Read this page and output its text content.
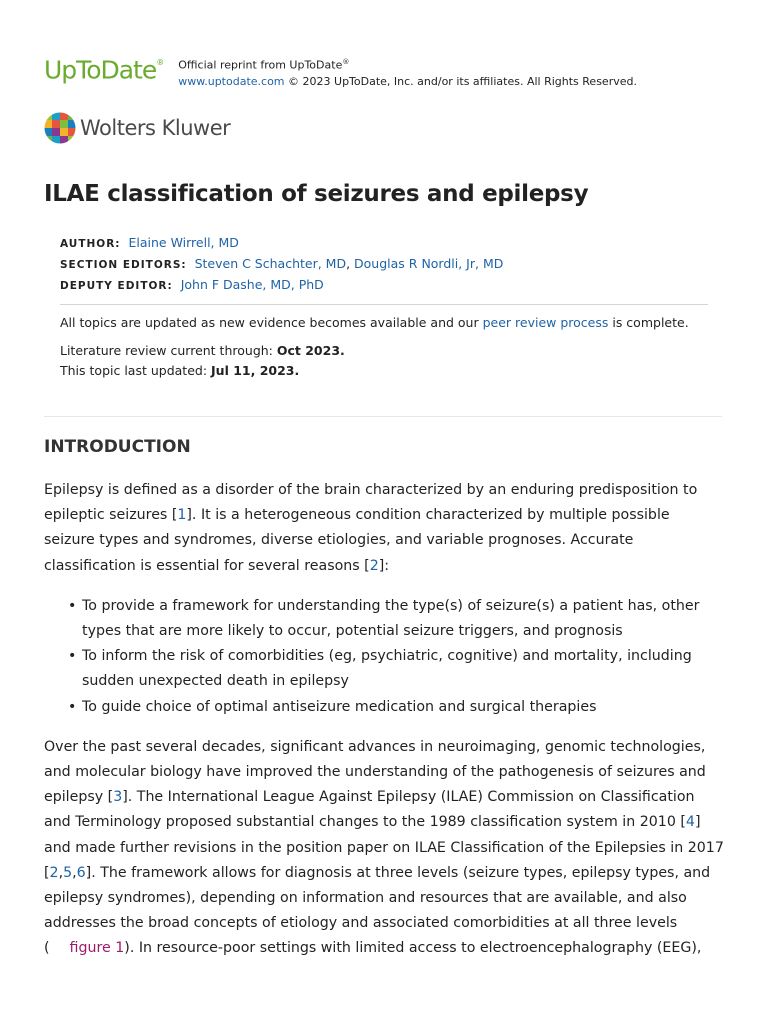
UpToDate® Official reprint from UpToDate®
www.uptodate.com © 2023 UpToDate, Inc. and/or its affiliates. All Rights Reserved.
Wolters Kluwer
ILAE classification of seizures and epilepsy
AUTHOR: Elaine Wirrell, MD
SECTION EDITORS: Steven C Schachter, MD, Douglas R Nordli, Jr, MD
DEPUTY EDITOR: John F Dashe, MD, PhD

All topics are updated as new evidence becomes available and our peer review process is complete.

Literature review current through: Oct 2023.

This topic last updated: Jul 11, 2023.

INTRODUCTION

Epilepsy is defined as a disorder of the brain characterized by an enduring predisposition to epileptic seizures [1]. It is a heterogeneous condition characterized by multiple possible seizure types and syndromes, diverse etiologies, and variable prognoses. Accurate classification is essential for several reasons [2]:

• To provide a framework for understanding the type(s) of seizure(s) a patient has, other types that are more likely to occur, potential seizure triggers, and prognosis
• To inform the risk of comorbidities (eg, psychiatric, cognitive) and mortality, including sudden unexpected death in epilepsy
• To guide choice of optimal antiseizure medication and surgical therapies

Over the past several decades, significant advances in neuroimaging, genomic technologies, and molecular biology have improved the understanding of the pathogenesis of seizures and epilepsy [3]. The International League Against Epilepsy (ILAE) Commission on Classification and Terminology proposed substantial changes to the 1989 classification system in 2010 [4] and made further revisions in the position paper on ILAE Classification of the Epilepsies in 2017 [2,5,6]. The framework allows for diagnosis at three levels (seizure types, epilepsy types, and epilepsy syndromes), depending on information and resources that are available, and also addresses the broad concepts of etiology and associated comorbidities at all three levels ( figure 1). In resource-poor settings with limited access to electroencephalography (EEG),
